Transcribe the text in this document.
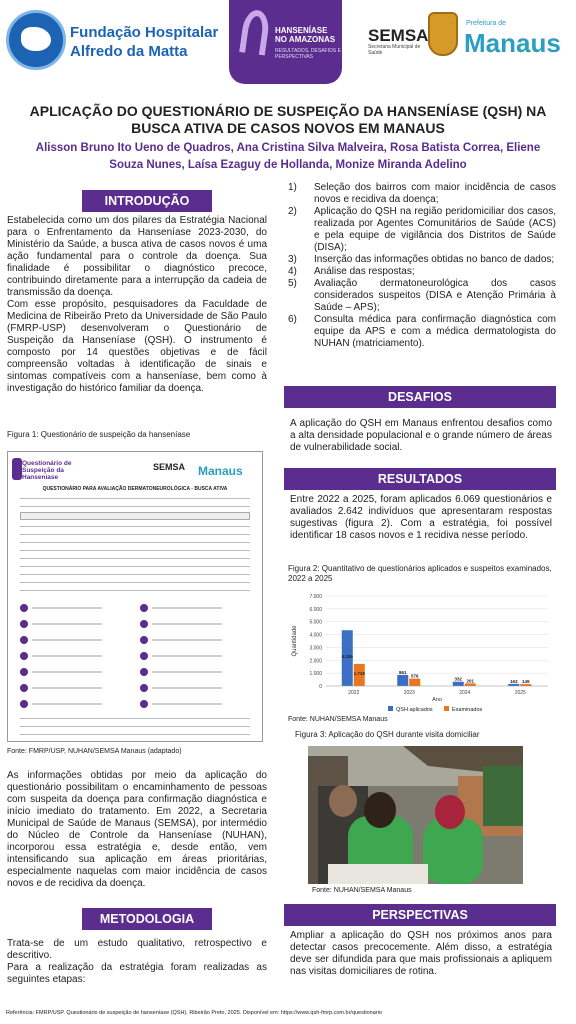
Fundação Hospitalar
Alfredo da Matta
HANSENÍASE NO AMAZONAS
RESULTADOS, DESAFIOS E PERSPECTIVAS
SEMSA
Secretaria Municipal de Saúde
Prefeitura de
Manaus
APLICAÇÃO DO QUESTIONÁRIO DE SUSPEIÇÃO DA HANSENÍASE (QSH) NA BUSCA ATIVA DE CASOS NOVOS EM MANAUS
Alisson Bruno Ito Ueno de Quadros, Ana Cristina Silva Malveira, Rosa Batista Correa, Eliene Souza Nunes, Laísa Ezaguy de Hollanda, Monize Miranda Adelino
INTRODUÇÃO

Estabelecida como um dos pilares da Estratégia Nacional para o Enfrentamento da Hanseníase 2023-2030, do Ministério da Saúde, a busca ativa de casos novos é uma ação fundamental para o controle da doença. Sua finalidade é possibilitar o diagnóstico precoce, contribuindo diretamente para a interrupção da cadeia de transmissão da doença.

Com esse propósito, pesquisadores da Faculdade de Medicina de Ribeirão Preto da Universidade de São Paulo (FMRP-USP) desenvolveram o Questionário de Suspeição da Hanseníase (QSH). O instrumento é composto por 14 questões objetivas e de fácil compreensão voltadas à identificação de sinais e sintomas compatíveis com a hanseníase, bem como à investigação do histórico familiar da doença.

Figura 1: Questionário de suspeição da hanseníase
Questionário de Suspeição da Hanseníase
SEMSA Manaus
QUESTIONÁRIO PARA AVALIAÇÃO DERMATONEUROLÓGICA - BUSCA ATIVA
Fonte: FMRP/USP, NUHAN/SEMSA Manaus (adaptado)
As informações obtidas por meio da aplicação do questionário possibilitam o encaminhamento de pessoas com suspeita da doença para confirmação diagnóstica e início imediato do tratamento. Em 2022, a Secretaria Municipal de Saúde de Manaus (SEMSA), por intermédio do Núcleo de Controle da Hanseníase (NUHAN), incorporou essa estratégia e, desde então, vem intensificando sua aplicação em áreas prioritárias, especialmente naquelas com maior incidência de casos novos e de recidiva da doença.
METODOLOGIA

Trata-se de um estudo qualitativo, retrospectivo e descritivo.

Para a realização da estratégia foram realizadas as seguintes etapas:

1) Seleção dos bairros com maior incidência de casos novos e recidiva da doença;
2) Aplicação do QSH na região peridomiciliar dos casos, realizada por Agentes Comunitários de Saúde (ACS) e pela equipe de vigilância dos Distritos de Saúde (DISA);
3) Inserção das informações obtidas no banco de dados;
4) Análise das respostas;
5) Avaliação dermatoneurológica dos casos considerados suspeitos (DISA e Atenção Primária à Saúde – APS);
6) Consulta médica para confirmação diagnóstica com equipe da APS e com a médica dermatologista do NUHAN (matriciamento).
DESAFIOS
A aplicação do QSH em Manaus enfrentou desafios como a alta densidade populacional e o grande número de áreas de vulnerabilidade social.
RESULTADOS
Entre 2022 a 2025, foram aplicados 6.069 questionários e avaliados 2.642 indivíduos que apresentaram respostas sugestivas (figura 2). Com a estratégia, foi possível identificar 18 casos novos e 1 recidiva nesse período.
Figura 2: Quantitativo de questionários aplicados e suspeitos examinados, 2022 a 2025
0
1.000
2.000
3.000
4.000
5.000
6.000
7.000
Quantidade
4.336
1.719
2022
861
576
2023
332 201
2024
163 149
2025
Ano
QSH aplicados	Examinados
Fonte: NUHAN/SEMSA Manaus
Figura 3: Aplicação do QSH durante visita domiciliar
Fonte: NUHAN/SEMSA Manaus
PERSPECTIVAS
Ampliar a aplicação do QSH nos próximos anos para detectar casos precocemente. Além disso, a estratégia deve ser difundida para que mais profissionais a apliquem nas visitas domiciliares de rotina.
Referência: FMRP/USP. Questionário de suspeição de hanseníase (QSH). Ribeirão Preto, 2025. Disponível em: https://www.qsh-fmrp.com.br/questionario
